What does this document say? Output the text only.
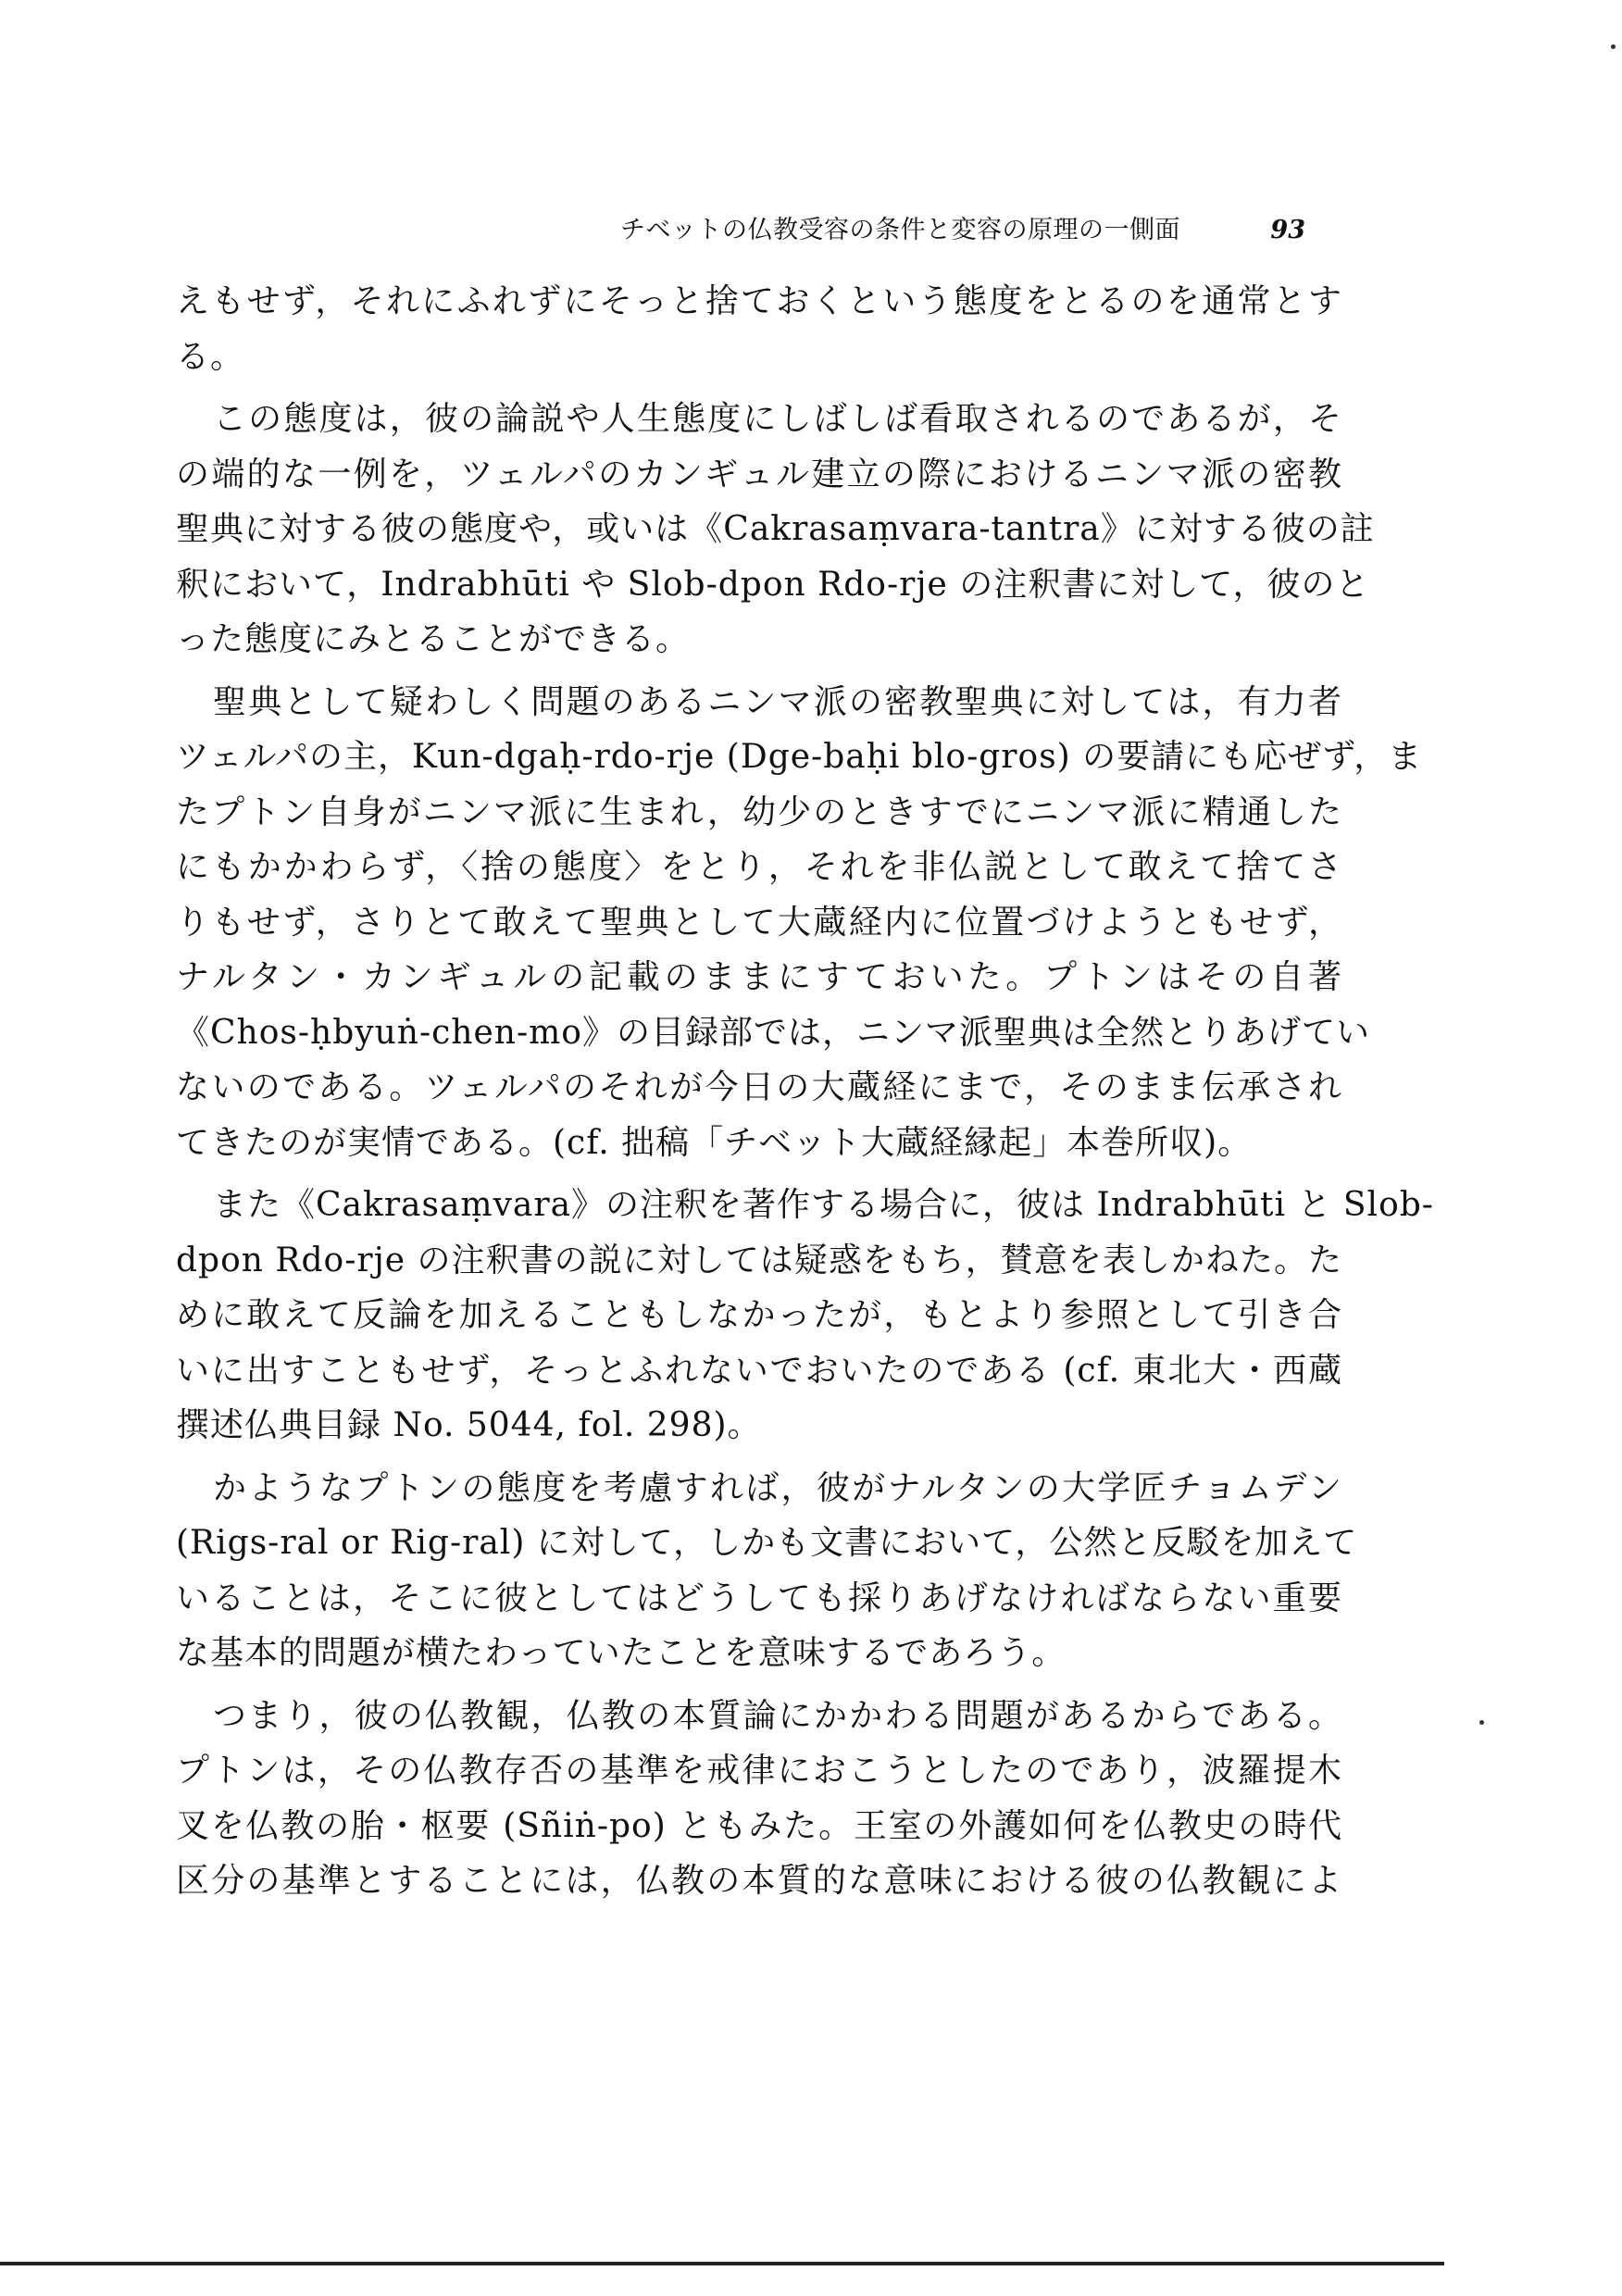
チベットの仏教受容の条件と変容の原理の一側面	93
えもせず，それにふれずにそっと捨ておくという態度をとるのを通常とす
る。
この態度は，彼の論説や人生態度にしばしば看取されるのであるが，そ
の端的な一例を，ツェルパのカンギュル建立の際におけるニンマ派の密教
聖典に対する彼の態度や，或いは《Cakrasaṃvara-tantra》に対する彼の註
釈において，Indrabhūti や Slob-dpon Rdo-rje の注釈書に対して，彼のと
った態度にみとることができる。
聖典として疑わしく問題のあるニンマ派の密教聖典に対しては，有力者
ツェルパの主，Kun-dgaḥ-rdo-rje (Dge-baḥi blo-gros) の要請にも応ぜず，ま
たプトン自身がニンマ派に生まれ，幼少のときすでにニンマ派に精通した
にもかかわらず，〈捨の態度〉をとり，それを非仏説として敢えて捨てさ
りもせず，さりとて敢えて聖典として大蔵経内に位置づけようともせず，
ナルタン・カンギュルの記載のままにすておいた。プトンはその自著
《Chos-ḥbyuṅ-chen-mo》の目録部では，ニンマ派聖典は全然とりあげてい
ないのである。ツェルパのそれが今日の大蔵経にまで，そのまま伝承され
てきたのが実情である。(cf. 拙稿「チベット大蔵経縁起」本巻所収)。
また《Cakrasaṃvara》の注釈を著作する場合に，彼は Indrabhūti と Slob-
dpon Rdo-rje の注釈書の説に対しては疑惑をもち，賛意を表しかねた。た
めに敢えて反論を加えることもしなかったが，もとより参照として引き合
いに出すこともせず，そっとふれないでおいたのである (cf. 東北大・西蔵
撰述仏典目録 No. 5044, fol. 298)。
かようなプトンの態度を考慮すれば，彼がナルタンの大学匠チョムデン
(Rigs-ral or Rig-ral) に対して，しかも文書において，公然と反駁を加えて
いることは，そこに彼としてはどうしても採りあげなければならない重要
な基本的問題が横たわっていたことを意味するであろう。
つまり，彼の仏教観，仏教の本質論にかかわる問題があるからである。
プトンは，その仏教存否の基準を戒律におこうとしたのであり，波羅提木
叉を仏教の胎・枢要 (Sñiṅ-po) ともみた。王室の外護如何を仏教史の時代
区分の基準とすることには，仏教の本質的な意味における彼の仏教観によ
